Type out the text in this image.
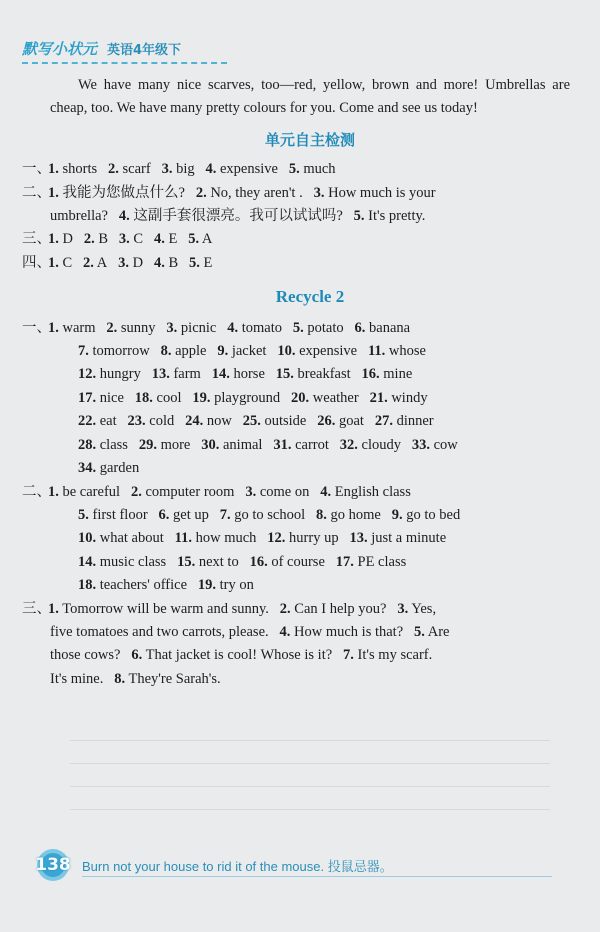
默写小状元 英语4年级下

We have many nice scarves, too—red, yellow, brown and more! Umbrellas are cheap, too. We have many pretty colours for you. Come and see us today!

单元自主检测
一、1. shorts 2. scarf 3. big 4. expensive 5. much
二、1. 我能为您做点什么? 2. No, they aren't . 3. How much is your
umbrella? 4. 这副手套很漂亮。我可以试试吗? 5. It's pretty.
三、1. D 2. B 3. C 4. E 5. A
四、1. C 2. A 3. D 4. B 5. E
Recycle 2
一、1. warm 2. sunny 3. picnic 4. tomato 5. potato 6. banana
7. tomorrow 8. apple 9. jacket 10. expensive 11. whose
12. hungry 13. farm 14. horse 15. breakfast 16. mine
17. nice 18. cool 19. playground 20. weather 21. windy
22. eat 23. cold 24. now 25. outside 26. goat 27. dinner
28. class 29. more 30. animal 31. carrot 32. cloudy 33. cow
34. garden
二、1. be careful 2. computer room 3. come on 4. English class
5. first floor 6. get up 7. go to school 8. go home 9. go to bed
10. what about 11. how much 12. hurry up 13. just a minute
14. music class 15. next to 16. of course 17. PE class
18. teachers' office 19. try on
三、1. Tomorrow will be warm and sunny. 2. Can I help you? 3. Yes,
five tomatoes and two carrots, please. 4. How much is that? 5. Are
those cows? 6. That jacket is cool! Whose is it? 7. It's my scarf.
It's mine. 8. They're Sarah's.
138 Burn not your house to rid it of the mouse. 投鼠忌器。
